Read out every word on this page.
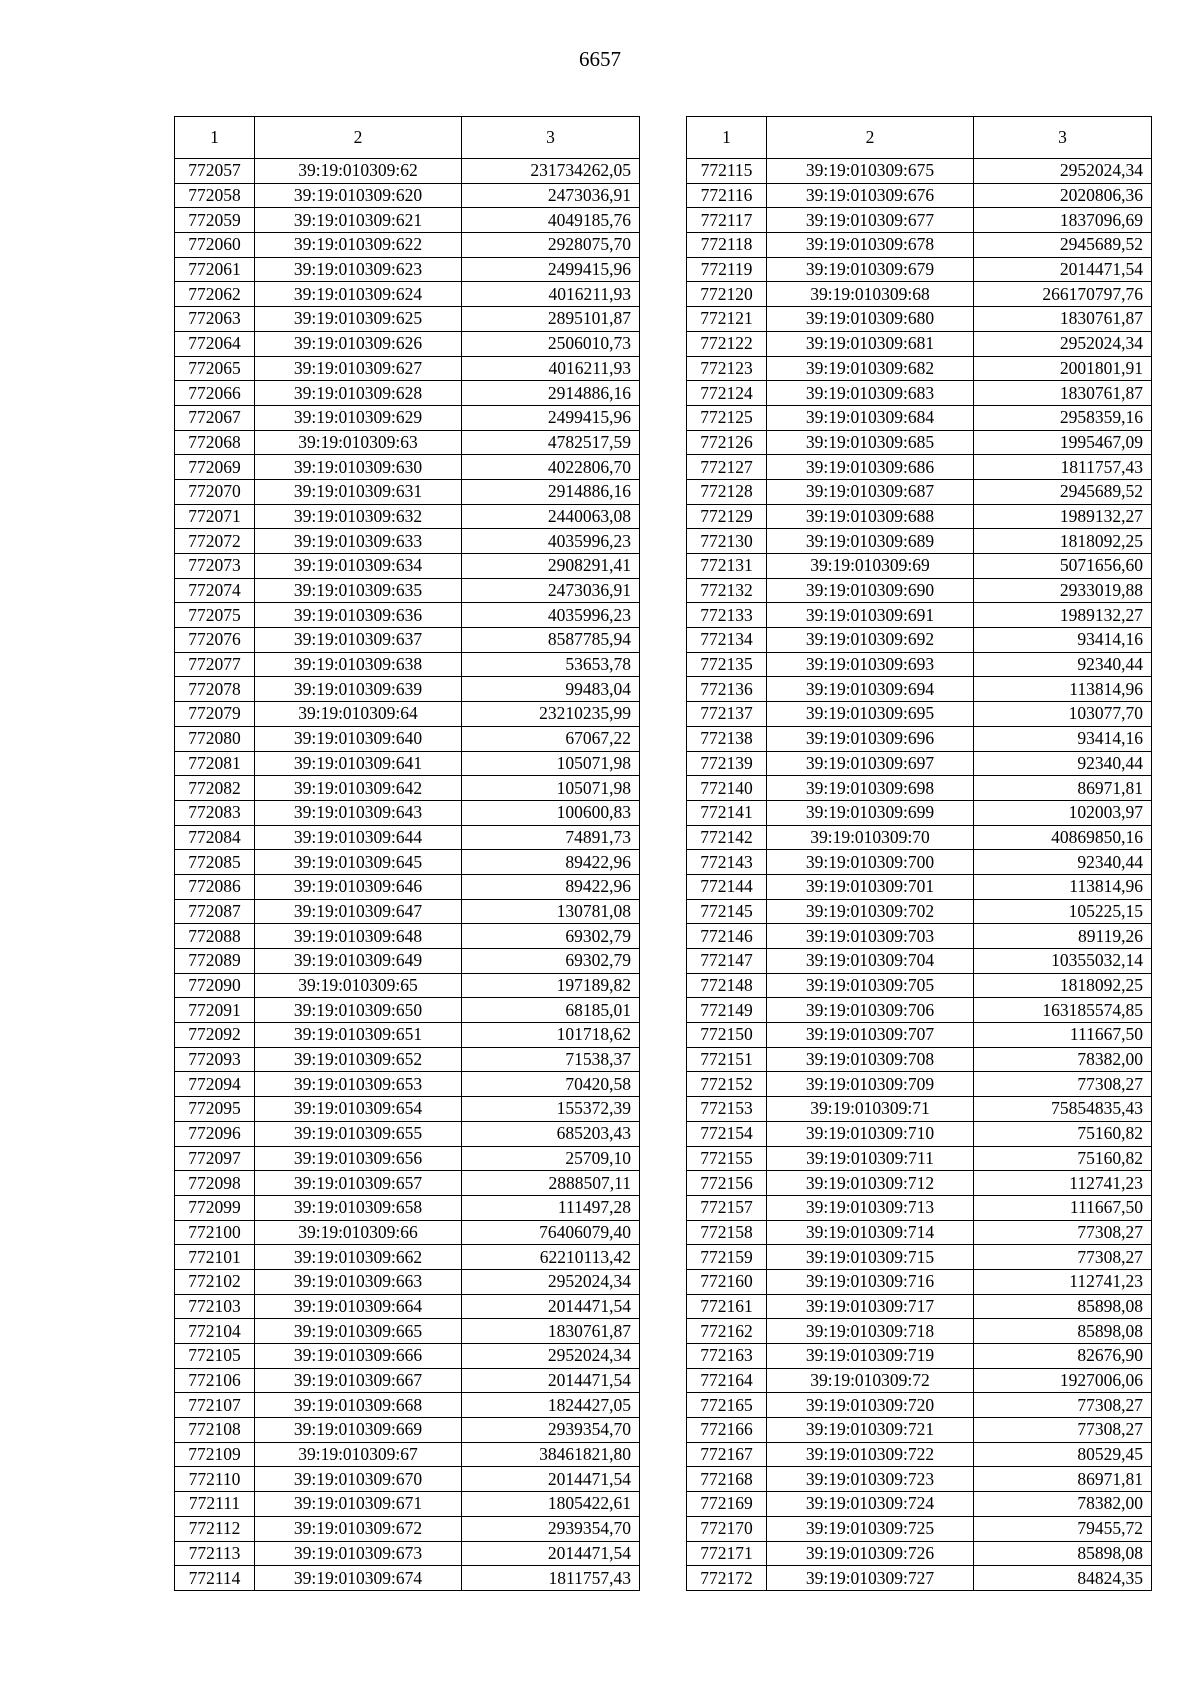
6657
1	2	3
772057	39:19:010309:62	231734262,05
772058	39:19:010309:620	2473036,91
772059	39:19:010309:621	4049185,76
772060	39:19:010309:622	2928075,70
772061	39:19:010309:623	2499415,96
772062	39:19:010309:624	4016211,93
772063	39:19:010309:625	2895101,87
772064	39:19:010309:626	2506010,73
772065	39:19:010309:627	4016211,93
772066	39:19:010309:628	2914886,16
772067	39:19:010309:629	2499415,96
772068	39:19:010309:63	4782517,59
772069	39:19:010309:630	4022806,70
772070	39:19:010309:631	2914886,16
772071	39:19:010309:632	2440063,08
772072	39:19:010309:633	4035996,23
772073	39:19:010309:634	2908291,41
772074	39:19:010309:635	2473036,91
772075	39:19:010309:636	4035996,23
772076	39:19:010309:637	8587785,94
772077	39:19:010309:638	53653,78
772078	39:19:010309:639	99483,04
772079	39:19:010309:64	23210235,99
772080	39:19:010309:640	67067,22
772081	39:19:010309:641	105071,98
772082	39:19:010309:642	105071,98
772083	39:19:010309:643	100600,83
772084	39:19:010309:644	74891,73
772085	39:19:010309:645	89422,96
772086	39:19:010309:646	89422,96
772087	39:19:010309:647	130781,08
772088	39:19:010309:648	69302,79
772089	39:19:010309:649	69302,79
772090	39:19:010309:65	197189,82
772091	39:19:010309:650	68185,01
772092	39:19:010309:651	101718,62
772093	39:19:010309:652	71538,37
772094	39:19:010309:653	70420,58
772095	39:19:010309:654	155372,39
772096	39:19:010309:655	685203,43
772097	39:19:010309:656	25709,10
772098	39:19:010309:657	2888507,11
772099	39:19:010309:658	111497,28
772100	39:19:010309:66	76406079,40
772101	39:19:010309:662	62210113,42
772102	39:19:010309:663	2952024,34
772103	39:19:010309:664	2014471,54
772104	39:19:010309:665	1830761,87
772105	39:19:010309:666	2952024,34
772106	39:19:010309:667	2014471,54
772107	39:19:010309:668	1824427,05
772108	39:19:010309:669	2939354,70
772109	39:19:010309:67	38461821,80
772110	39:19:010309:670	2014471,54
772111	39:19:010309:671	1805422,61
772112	39:19:010309:672	2939354,70
772113	39:19:010309:673	2014471,54
772114	39:19:010309:674	1811757,43
1	2	3
772115	39:19:010309:675	2952024,34
772116	39:19:010309:676	2020806,36
772117	39:19:010309:677	1837096,69
772118	39:19:010309:678	2945689,52
772119	39:19:010309:679	2014471,54
772120	39:19:010309:68	266170797,76
772121	39:19:010309:680	1830761,87
772122	39:19:010309:681	2952024,34
772123	39:19:010309:682	2001801,91
772124	39:19:010309:683	1830761,87
772125	39:19:010309:684	2958359,16
772126	39:19:010309:685	1995467,09
772127	39:19:010309:686	1811757,43
772128	39:19:010309:687	2945689,52
772129	39:19:010309:688	1989132,27
772130	39:19:010309:689	1818092,25
772131	39:19:010309:69	5071656,60
772132	39:19:010309:690	2933019,88
772133	39:19:010309:691	1989132,27
772134	39:19:010309:692	93414,16
772135	39:19:010309:693	92340,44
772136	39:19:010309:694	113814,96
772137	39:19:010309:695	103077,70
772138	39:19:010309:696	93414,16
772139	39:19:010309:697	92340,44
772140	39:19:010309:698	86971,81
772141	39:19:010309:699	102003,97
772142	39:19:010309:70	40869850,16
772143	39:19:010309:700	92340,44
772144	39:19:010309:701	113814,96
772145	39:19:010309:702	105225,15
772146	39:19:010309:703	89119,26
772147	39:19:010309:704	10355032,14
772148	39:19:010309:705	1818092,25
772149	39:19:010309:706	163185574,85
772150	39:19:010309:707	111667,50
772151	39:19:010309:708	78382,00
772152	39:19:010309:709	77308,27
772153	39:19:010309:71	75854835,43
772154	39:19:010309:710	75160,82
772155	39:19:010309:711	75160,82
772156	39:19:010309:712	112741,23
772157	39:19:010309:713	111667,50
772158	39:19:010309:714	77308,27
772159	39:19:010309:715	77308,27
772160	39:19:010309:716	112741,23
772161	39:19:010309:717	85898,08
772162	39:19:010309:718	85898,08
772163	39:19:010309:719	82676,90
772164	39:19:010309:72	1927006,06
772165	39:19:010309:720	77308,27
772166	39:19:010309:721	77308,27
772167	39:19:010309:722	80529,45
772168	39:19:010309:723	86971,81
772169	39:19:010309:724	78382,00
772170	39:19:010309:725	79455,72
772171	39:19:010309:726	85898,08
772172	39:19:010309:727	84824,35
